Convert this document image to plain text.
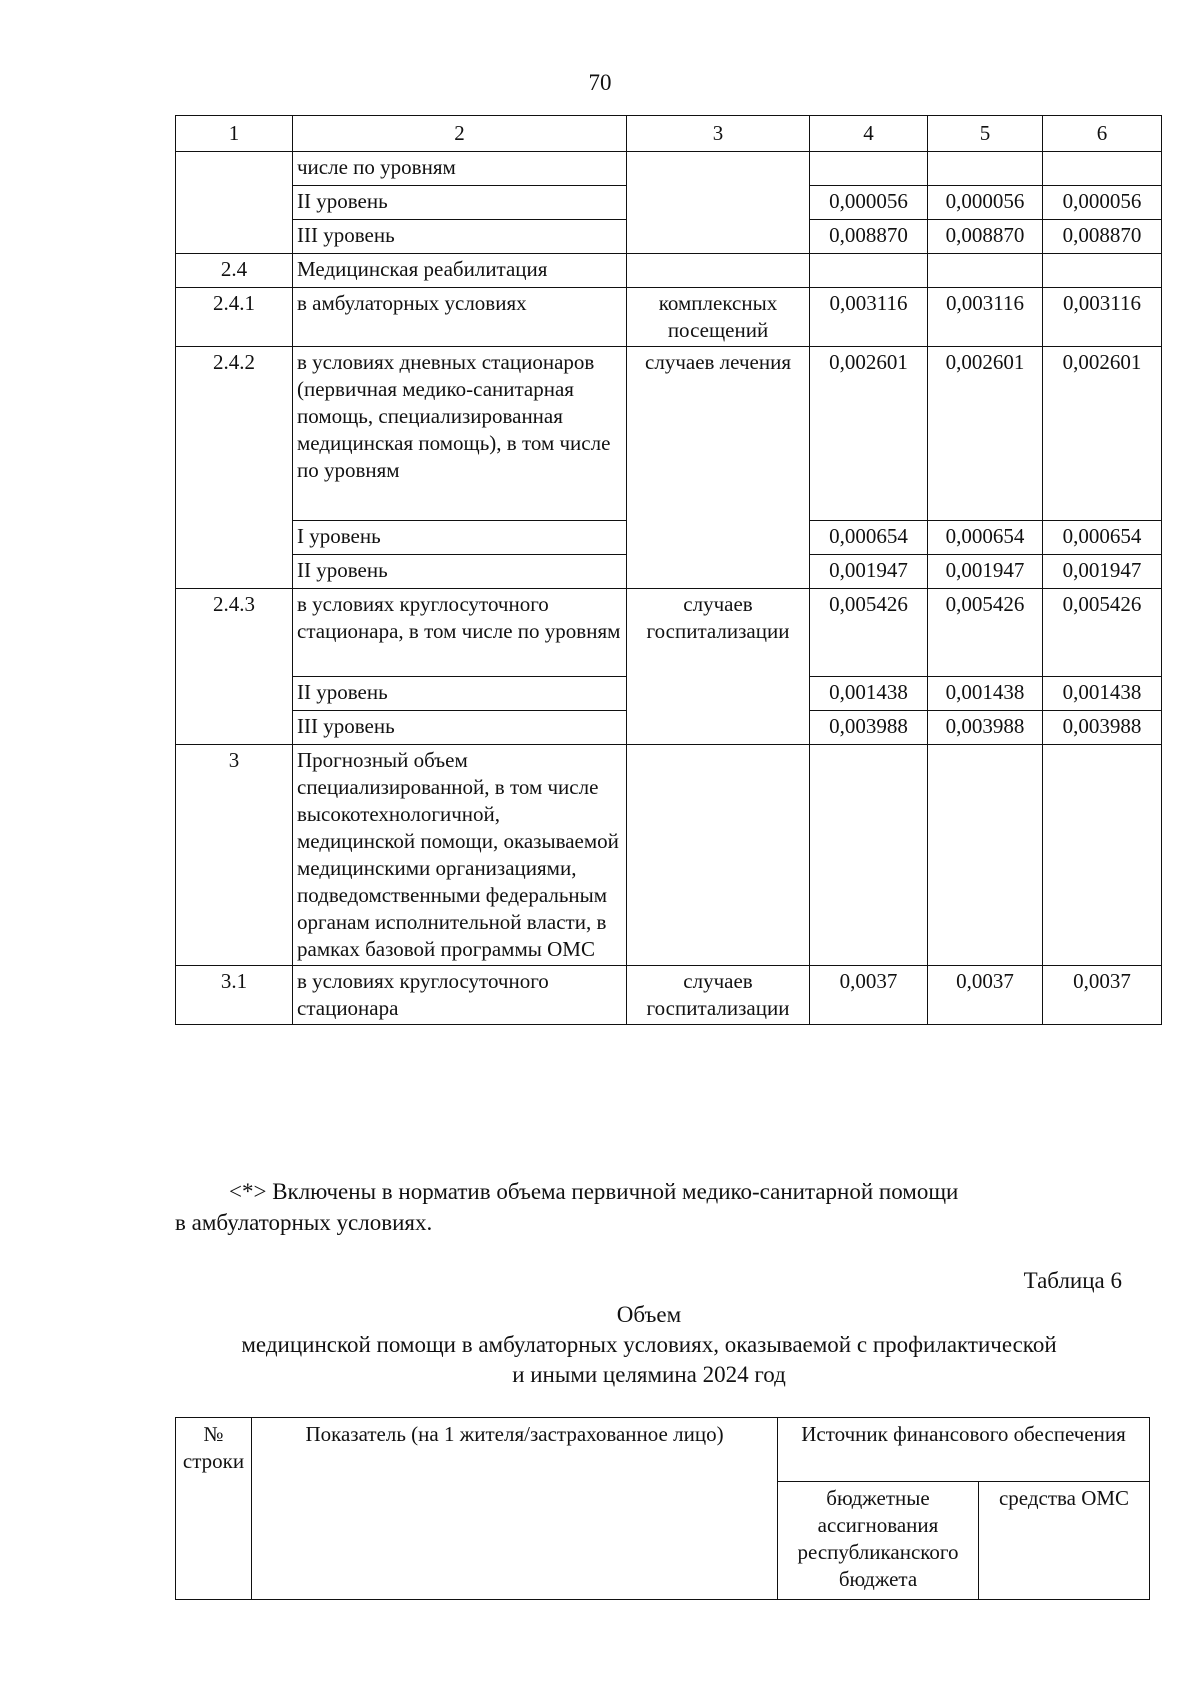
70
1	2	3	4	5	6
	числе по уровням				
	II уровень		0,000056	0,000056	0,000056
	III уровень		0,008870	0,008870	0,008870
2.4	Медицинская реабилитация				
2.4.1	в амбулаторных условиях	комплексных посещений	0,003116	0,003116	0,003116
2.4.2	в условиях дневных стационаров (первичная медико-санитарная помощь, специализированная медицинская помощь), в том числе по уровням	случаев лечения	0,002601	0,002601	0,002601
	I уровень		0,000654	0,000654	0,000654
	II уровень		0,001947	0,001947	0,001947
2.4.3	в условиях круглосуточного стационара, в том числе по уровням	случаев госпитализации	0,005426	0,005426	0,005426
	II уровень		0,001438	0,001438	0,001438
	III уровень		0,003988	0,003988	0,003988
3	Прогнозный объем специализированной, в том числе высокотехнологичной, медицинской помощи, оказываемой медицинскими организациями, подведомственными федеральным органам исполнительной власти, в рамках базовой программы ОМС				
3.1	в условиях круглосуточного стационара	случаев госпитализации	0,0037	0,0037	0,0037
<*> Включены в норматив объема первичной медико-санитарной помощи
в амбулаторных условиях.
Таблица 6
Объем
медицинской помощи в амбулаторных условиях, оказываемой с профилактической
и иными целямина 2024 год
№ строки	Показатель (на 1 жителя/застрахованное лицо)	Источник финансового обеспечения	
		бюджетные ассигнования республиканского бюджета	средства ОМС
